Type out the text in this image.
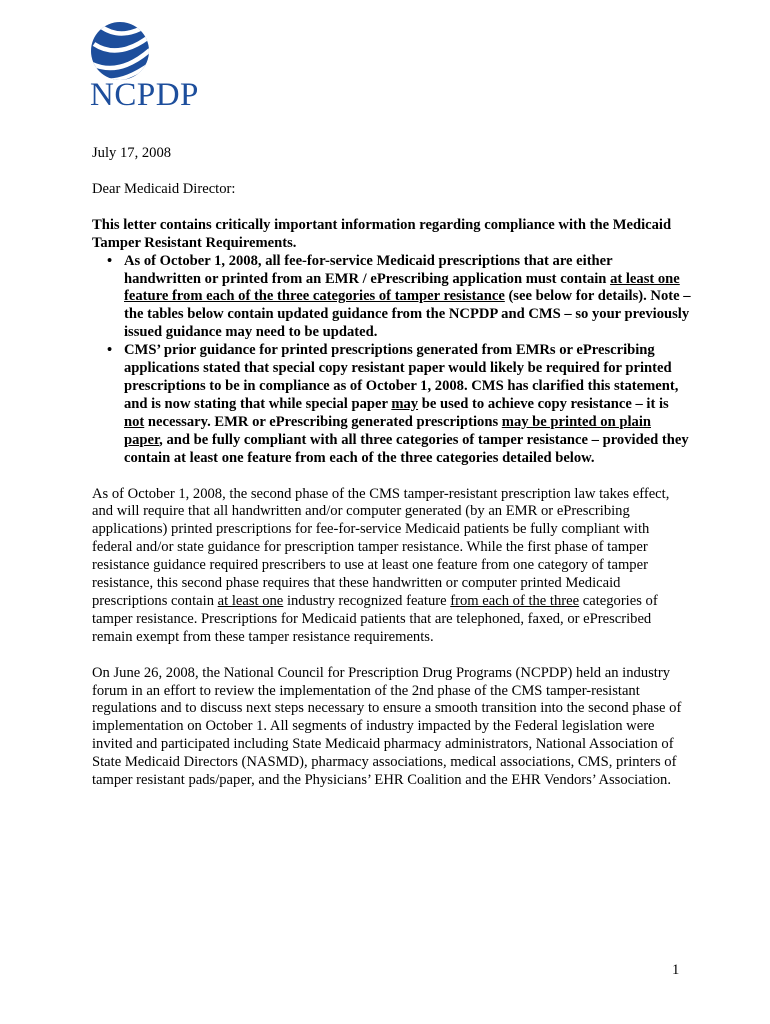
NCPDP

July 17, 2008

Dear Medicaid Director:

This letter contains critically important information regarding compliance with the Medicaid Tamper Resistant Requirements.

• As of October 1, 2008, all fee-for-service Medicaid prescriptions that are either handwritten or printed from an EMR / ePrescribing application must contain at least one feature from each of the three categories of tamper resistance (see below for details). Note – the tables below contain updated guidance from the NCPDP and CMS – so your previously issued guidance may need to be updated.
• CMS’ prior guidance for printed prescriptions generated from EMRs or ePrescribing applications stated that special copy resistant paper would likely be required for printed prescriptions to be in compliance as of October 1, 2008. CMS has clarified this statement, and is now stating that while special paper may be used to achieve copy resistance – it is not necessary. EMR or ePrescribing generated prescriptions may be printed on plain paper, and be fully compliant with all three categories of tamper resistance – provided they contain at least one feature from each of the three categories detailed below.

As of October 1, 2008, the second phase of the CMS tamper-resistant prescription law takes effect, and will require that all handwritten and/or computer generated (by an EMR or ePrescribing applications) printed prescriptions for fee-for-service Medicaid patients be fully compliant with federal and/or state guidance for prescription tamper resistance. While the first phase of tamper resistance guidance required prescribers to use at least one feature from one category of tamper resistance, this second phase requires that these handwritten or computer printed Medicaid prescriptions contain at least one industry recognized feature from each of the three categories of tamper resistance. Prescriptions for Medicaid patients that are telephoned, faxed, or ePrescribed remain exempt from these tamper resistance requirements.

On June 26, 2008, the National Council for Prescription Drug Programs (NCPDP) held an industry forum in an effort to review the implementation of the 2nd phase of the CMS tamper-resistant regulations and to discuss next steps necessary to ensure a smooth transition into the second phase of implementation on October 1. All segments of industry impacted by the Federal legislation were invited and participated including State Medicaid pharmacy administrators, National Association of State Medicaid Directors (NASMD), pharmacy associations, medical associations, CMS, printers of tamper resistant pads/paper, and the Physicians’ EHR Coalition and the EHR Vendors’ Association.

1
